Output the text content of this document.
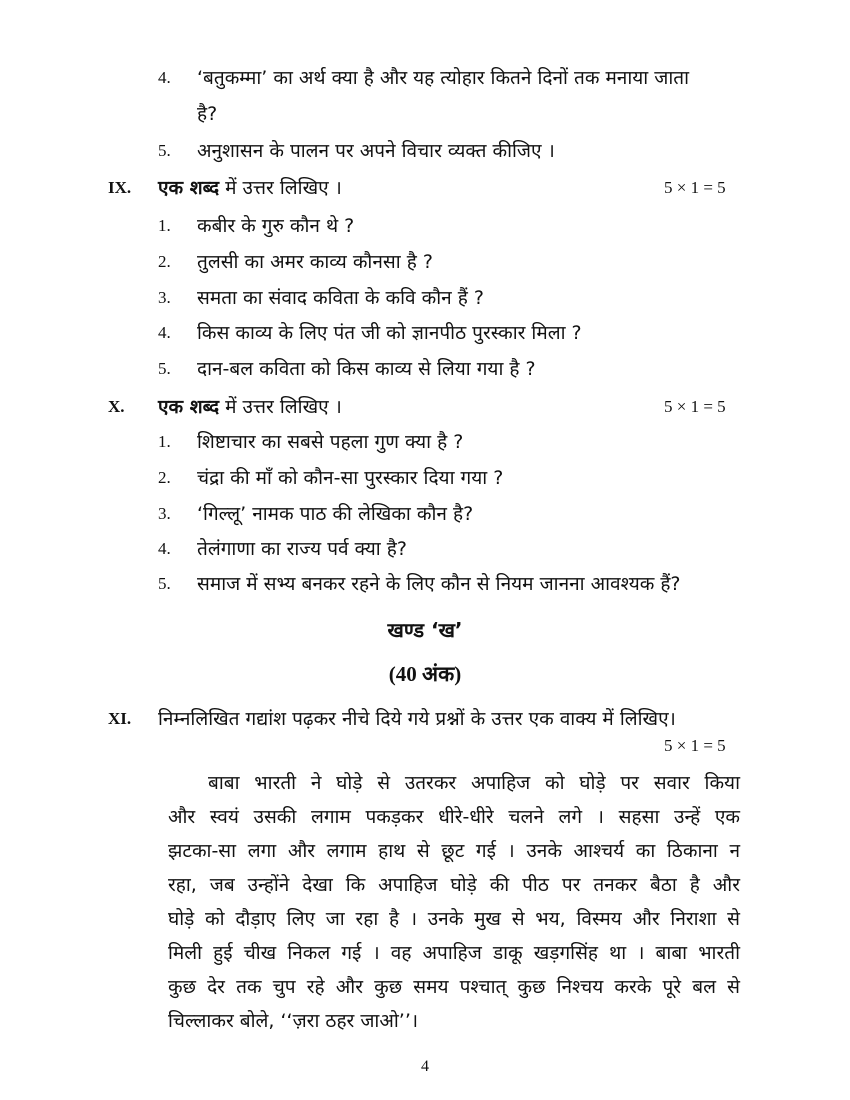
4. ‘बतुकम्मा’ का अर्थ क्या है और यह त्योहार कितने दिनों तक मनाया जाता
है?
5. अनुशासन के पालन पर अपने विचार व्यक्त कीजिए ।
IX. एक शब्द में उत्तर लिखिए ।	5 × 1 = 5
1. कबीर के गुरु कौन थे ?
2. तुलसी का अमर काव्य कौनसा है ?
3. समता का संवाद कविता के कवि कौन हैं ?
4. किस काव्य के लिए पंत जी को ज्ञानपीठ पुरस्कार मिला ?
5. दान-बल कविता को किस काव्य से लिया गया है ?
X. एक शब्द में उत्तर लिखिए ।	5 × 1 = 5
1. शिष्टाचार का सबसे पहला गुण क्या है ?
2. चंद्रा की माँ को कौन-सा पुरस्कार दिया गया ?
3. ‘गिल्लू’ नामक पाठ की लेखिका कौन है?
4. तेलंगाणा का राज्य पर्व क्या है?
5. समाज में सभ्य बनकर रहने के लिए कौन से नियम जानना आवश्यक हैं?
खण्ड ‘ख’
(40 अंक)
XI. निम्नलिखित गद्यांश पढ़कर नीचे दिये गये प्रश्नों के उत्तर एक वाक्य में लिखिए।
5 × 1 = 5
बाबा भारती ने घोड़े से उतरकर अपाहिज को घोड़े पर सवार किया
और स्वयं उसकी लगाम पकड़कर धीरे-धीरे चलने लगे । सहसा उन्हें एक
झटका-सा लगा और लगाम हाथ से छूट गई । उनके आश्चर्य का ठिकाना न
रहा, जब उन्होंने देखा कि अपाहिज घोड़े की पीठ पर तनकर बैठा है और
घोड़े को दौड़ाए लिए जा रहा है । उनके मुख से भय, विस्मय और निराशा से
मिली हुई चीख निकल गई । वह अपाहिज डाकू खड़गसिंह था । बाबा भारती
कुछ देर तक चुप रहे और कुछ समय पश्चात् कुछ निश्चय करके पूरे बल से
चिल्लाकर बोले, ‘‘ज़रा ठहर जाओ’’।
4
